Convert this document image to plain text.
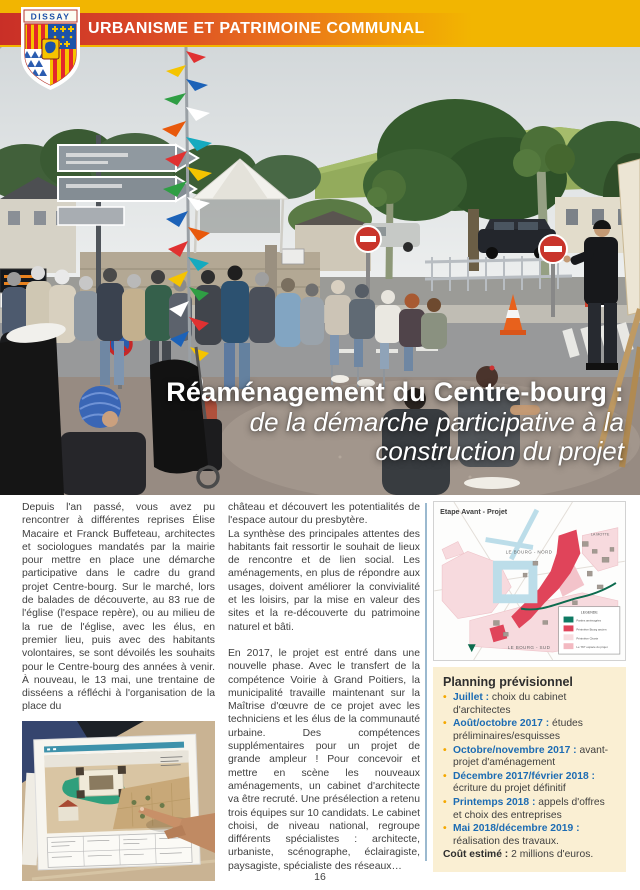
URBANISME ET PATRIMOINE COMMUNAL
DISSAY
Réaménagement du Centre-bourg :
de la démarche participative à la
construction du projet

Depuis l'an passé, vous avez pu rencontrer à différentes reprises Élise Macaire et Franck Buffeteau, architectes et sociologues mandatés par la mairie pour mettre en place une démarche participative dans le cadre du grand projet Centre-bourg. Sur le marché, lors de balades de découverte, au 83 rue de l'église (l'espace repère), ou au milieu de la rue de l'église, avec les élus, en premier lieu, puis avec des habitants volontaires, se sont dévoilés les souhaits pour le Centre-bourg des années à venir. À nouveau, le 13 mai, une trentaine de disséens a réfléchi à l'organisation de la place du

château et découvert les potentialités de l'espace autour du presbytère.

La synthèse des principales attentes des habitants fait ressortir le souhait de lieux de rencontre et de lien social. Les aménagements, en plus de répondre aux usages, doivent améliorer la convivialité et les loisirs, par la mise en valeur des sites et la re-découverte du patrimoine naturel et bâti.

En 2017, le projet est entré dans une nouvelle phase. Avec le transfert de la compétence Voirie à Grand Poitiers, la municipalité travaille maintenant sur la Maîtrise d'œuvre de ce projet avec les techniciens et les élus de la communauté urbaine. Des compétences supplémentaires pour un projet de grande ampleur ! Pour concevoir et mettre en scène les nouveaux aménagements, un cabinet d'architecte va être recruté. Une présélection a retenu trois équipes sur 10 candidats. Le cabinet choisi, de niveau national, regroupe différents spécialistes : architecte, urbaniste, scénographe, éclairagiste, paysagiste, spécialiste des réseaux…

Etape Avant - Projet
LE BOURG - NORD
LA MOTTE
LE BOURG - SUD
LEGENDE
Parties aménagées
Périmètre Bourg ancien
Périmètre Charte
Le "83" espace du projet
Planning prévisionnel
• Juillet : choix du cabinet d'architectes
• Août/octobre 2017 : études préliminaires/esquisses
• Octobre/novembre 2017 : avant-projet d'aménagement
• Décembre 2017/février 2018 : écriture du projet définitif
• Printemps 2018 : appels d'offres et choix des entreprises
• Mai 2018/décembre 2019 : réalisation des travaux.

Coût estimé : 2 millions d'euros.

16
